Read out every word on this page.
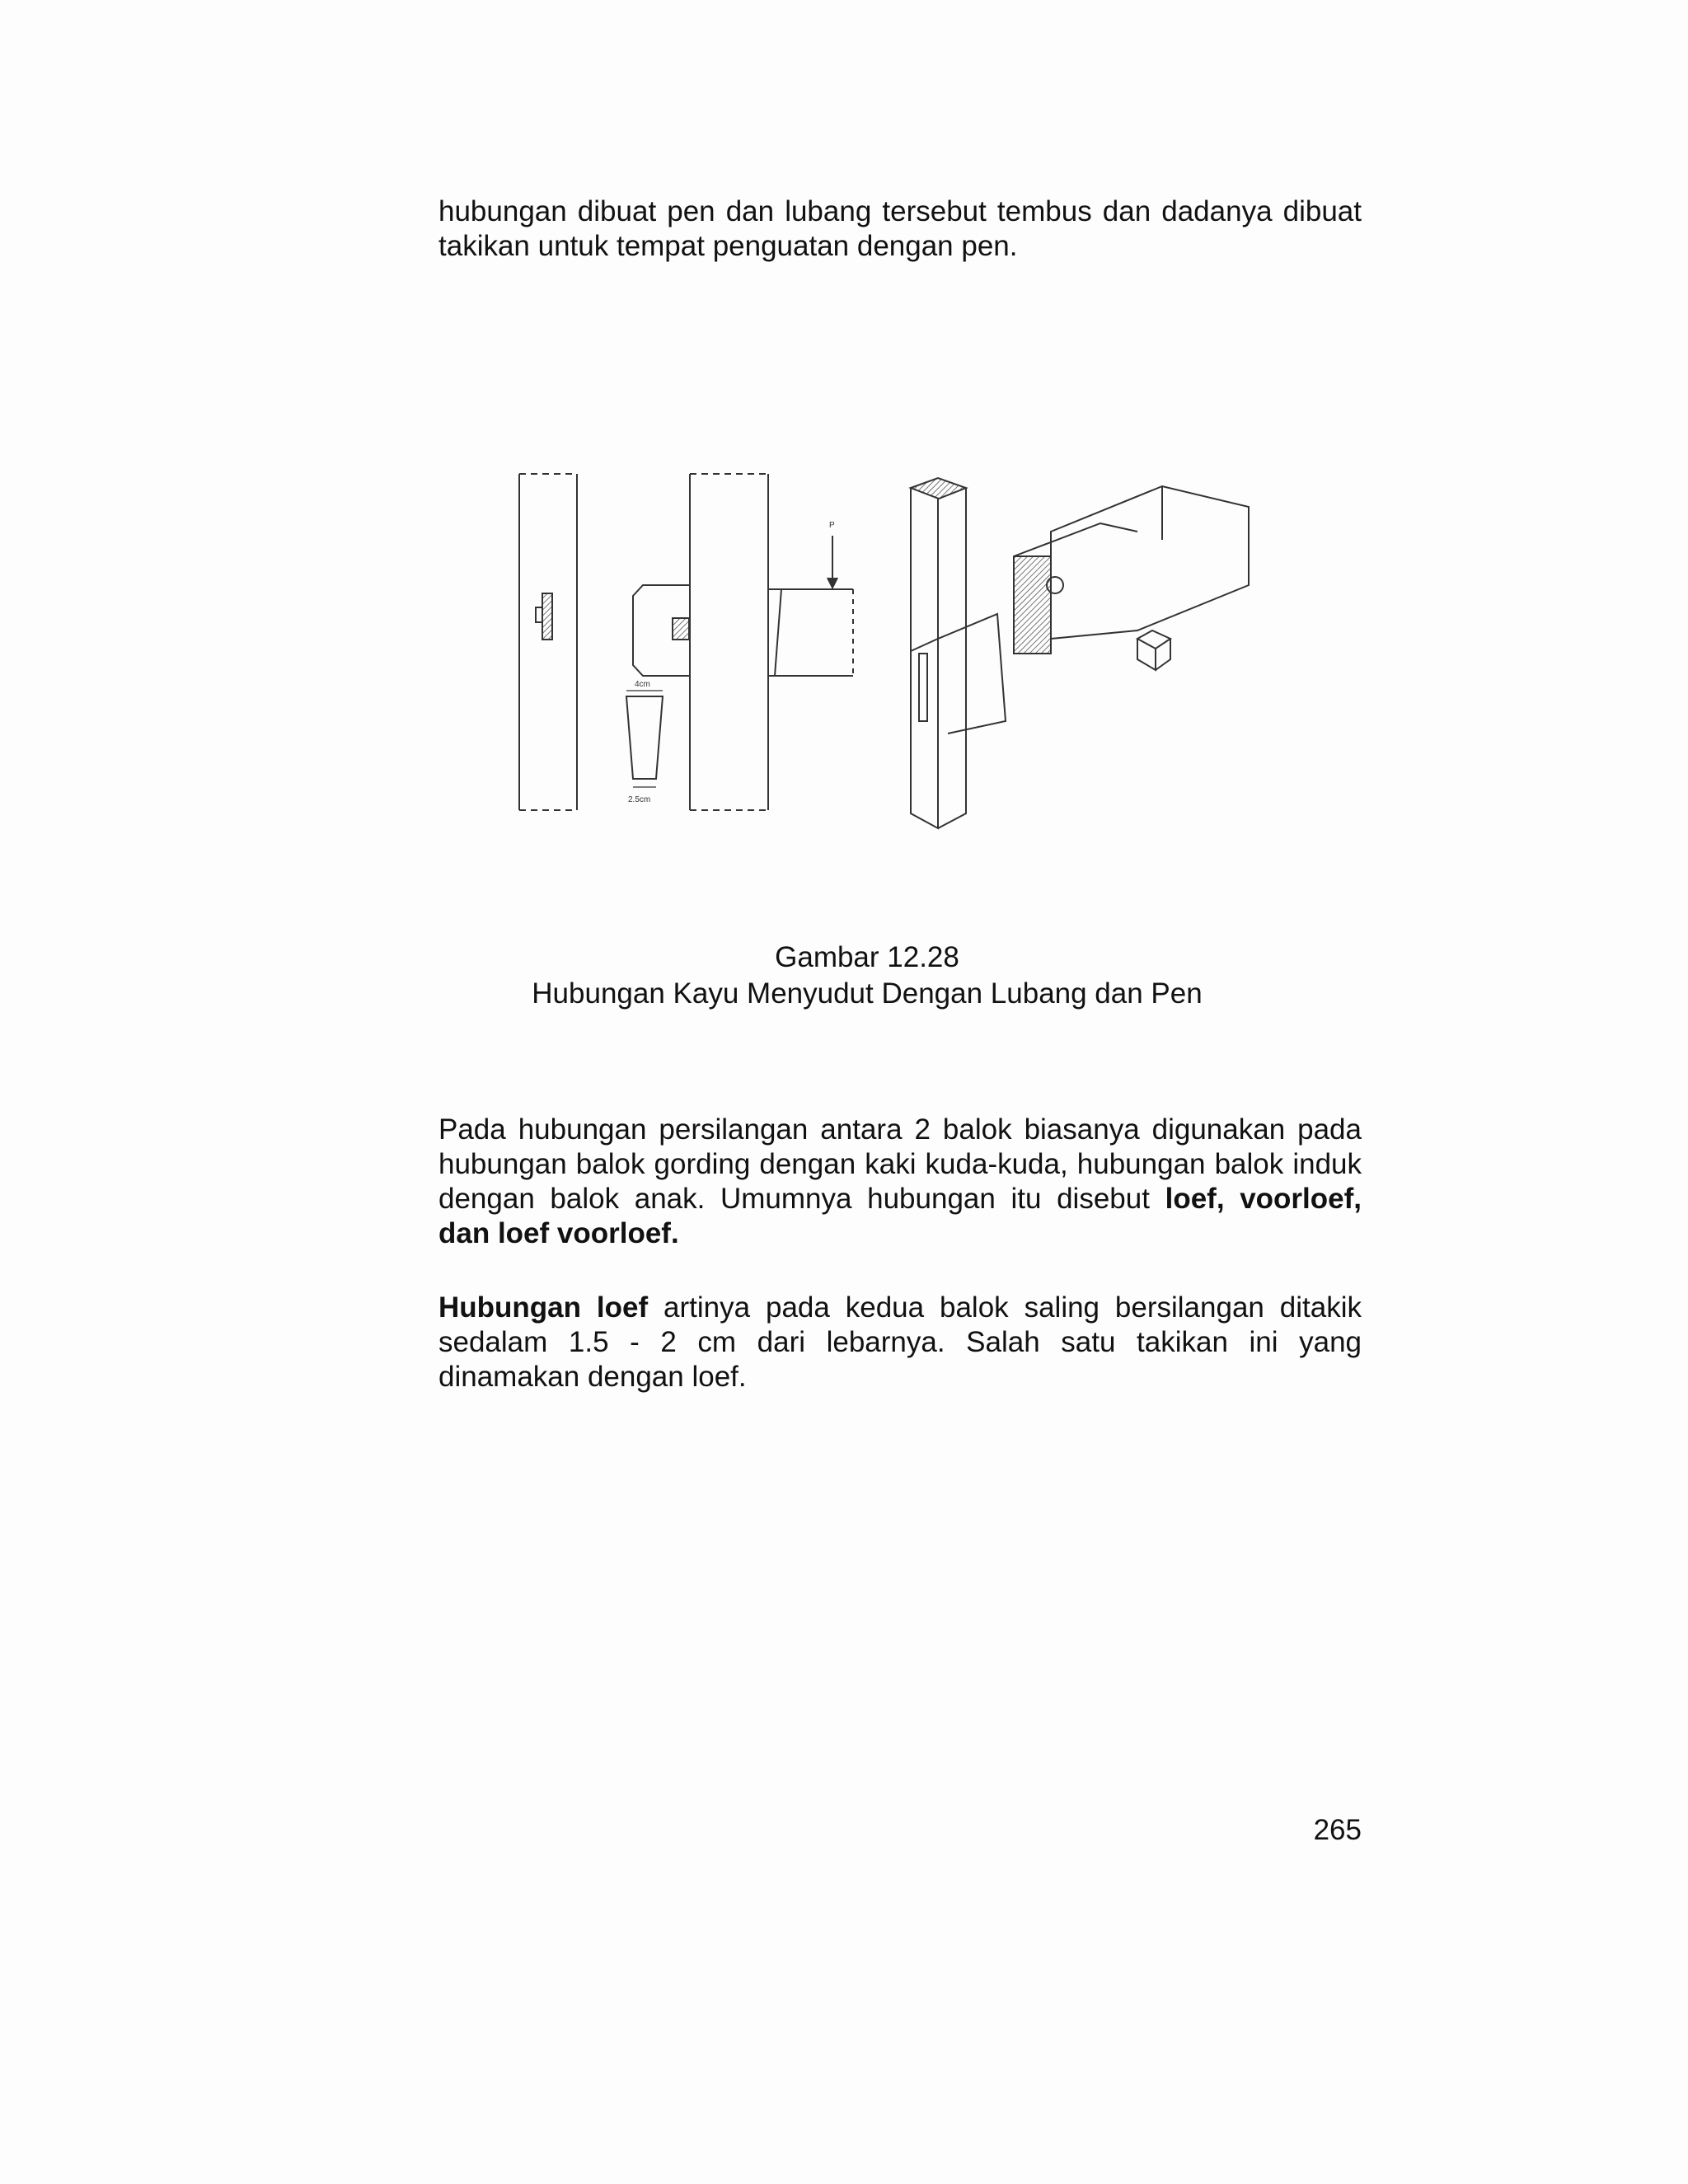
hubungan dibuat pen dan lubang tersebut tembus dan dadanya dibuat takikan untuk tempat penguatan dengan pen.

4cm
2.5cm
P

Gambar 12.28

Hubungan Kayu Menyudut Dengan Lubang dan Pen

Pada hubungan persilangan antara 2 balok biasanya digunakan pada hubungan balok gording dengan kaki kuda-kuda, hubungan balok induk dengan balok anak. Umumnya hubungan itu disebut loef, voorloef, dan loef voorloef.

Hubungan loef artinya pada kedua balok saling bersilangan ditakik sedalam 1.5 - 2 cm dari lebarnya. Salah satu takikan ini yang dinamakan dengan loef.

265
